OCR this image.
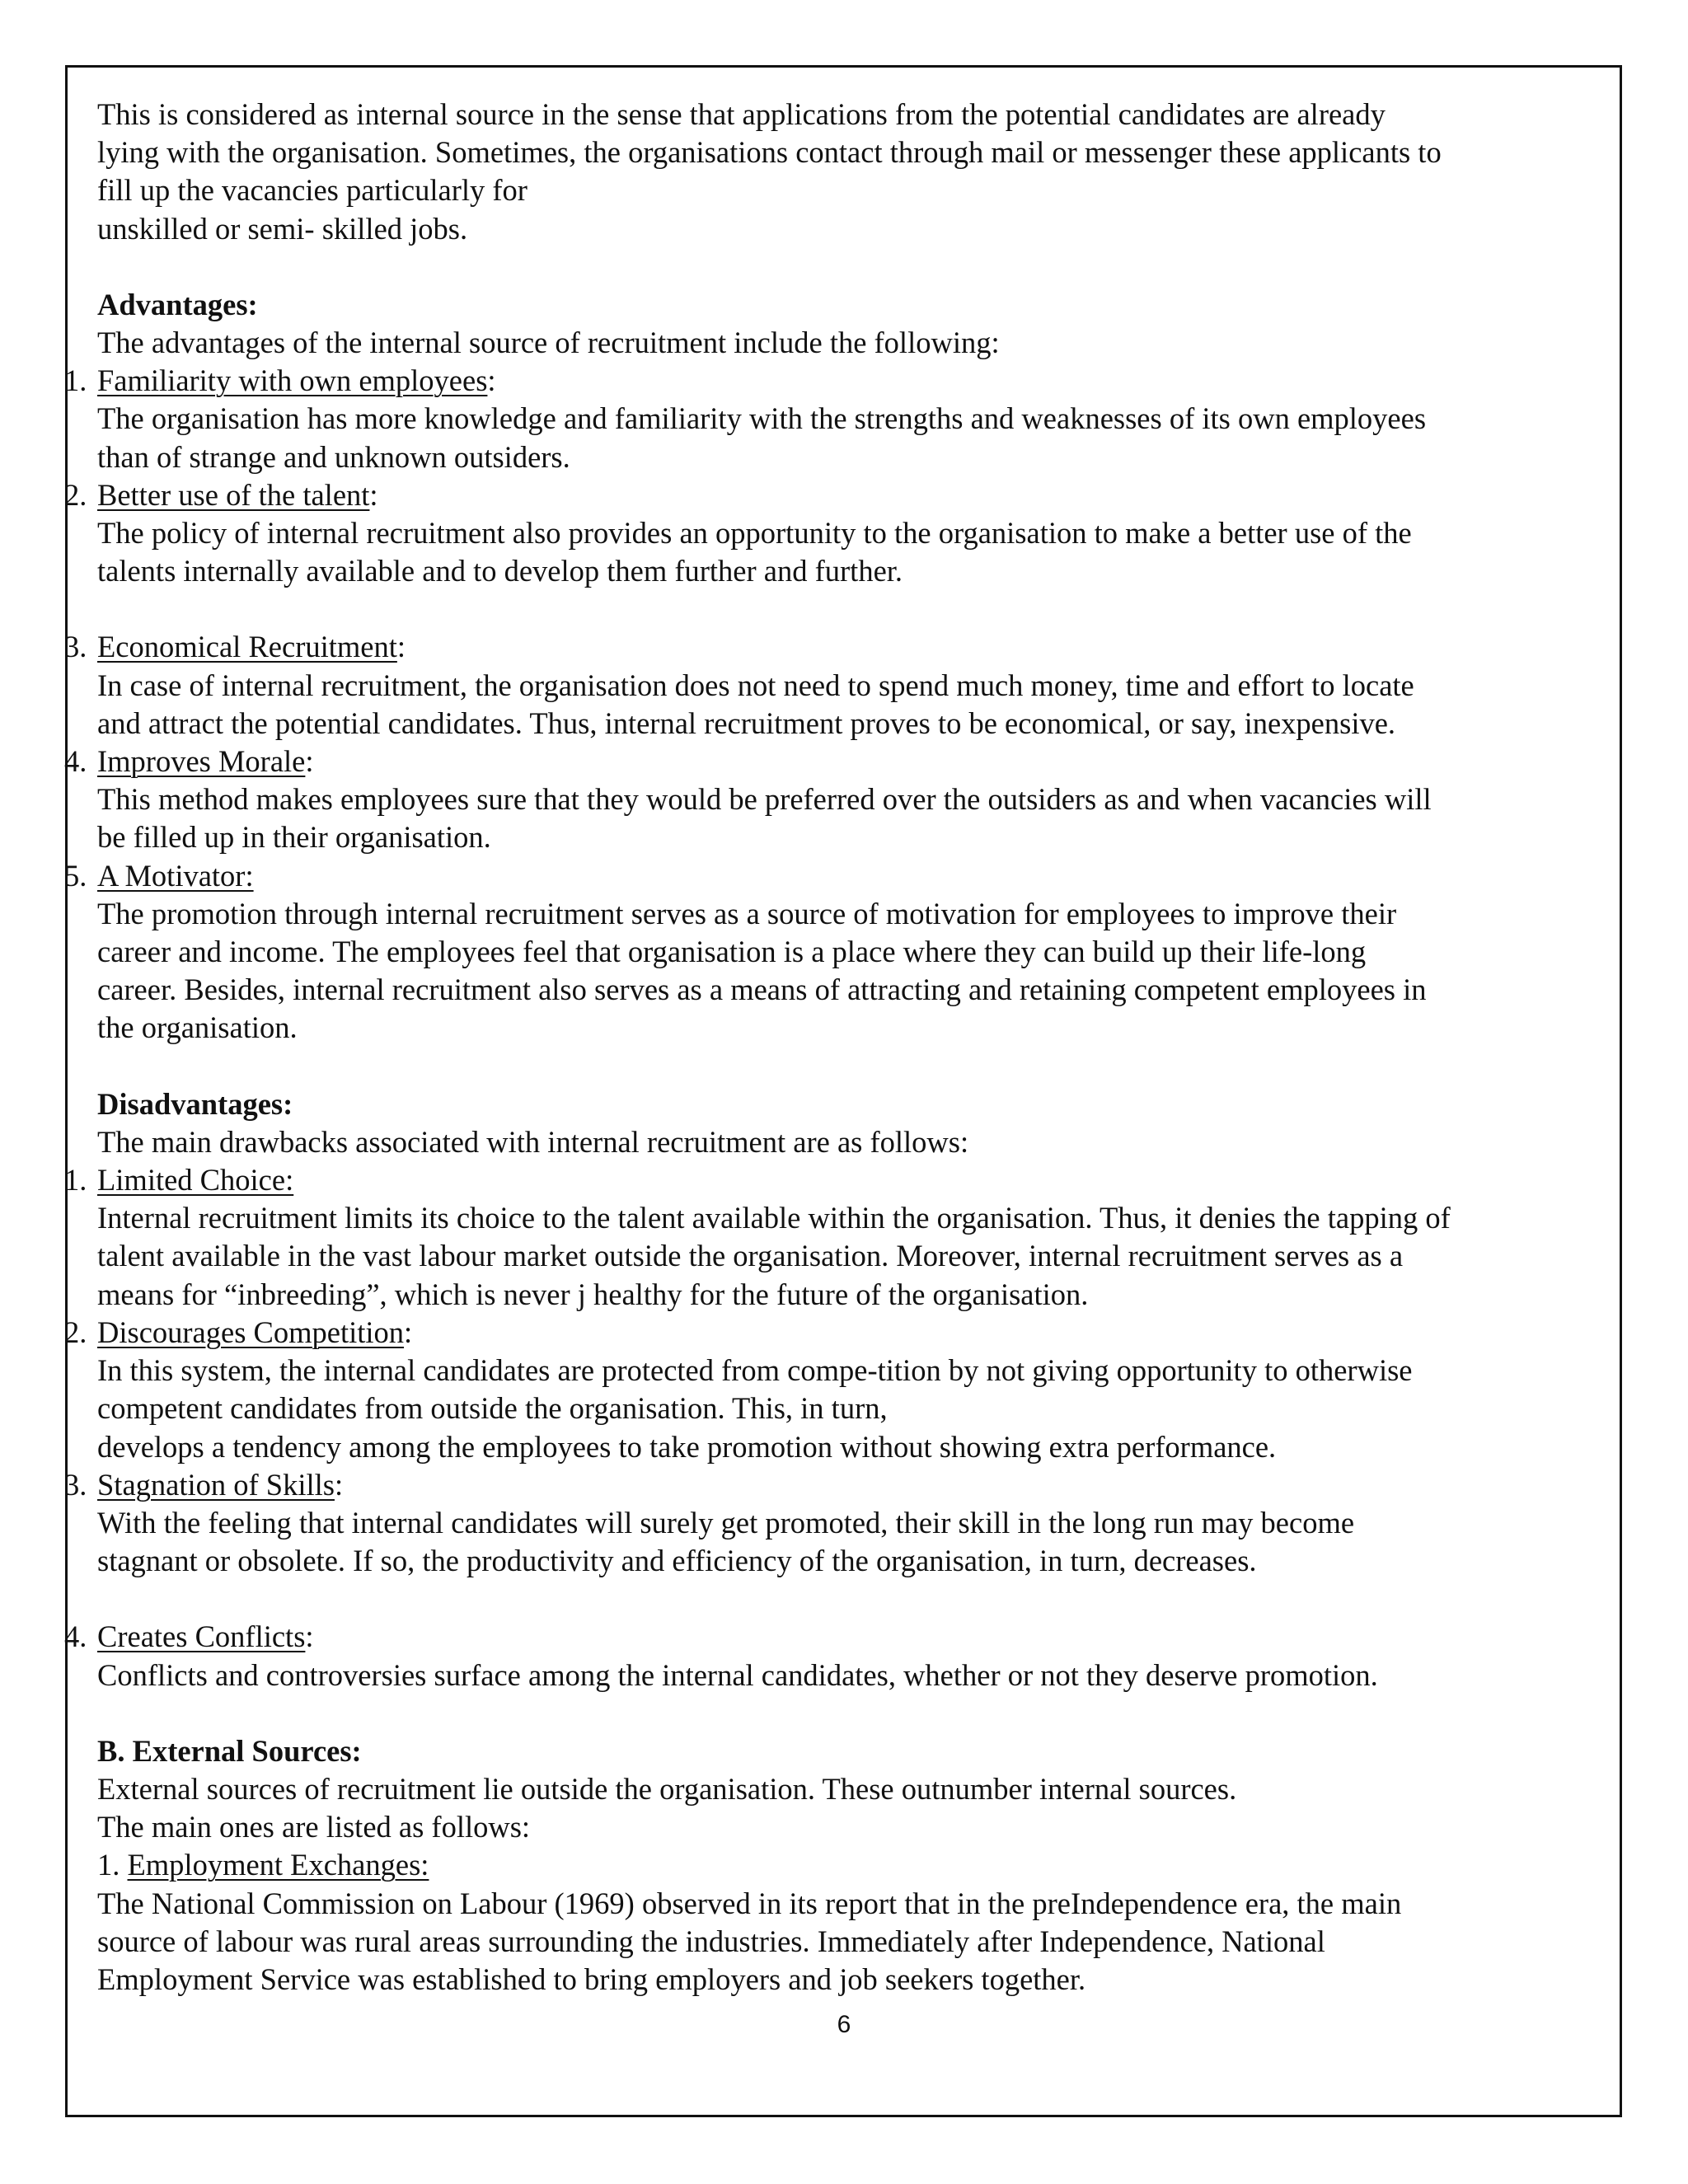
This is considered as internal source in the sense that applications from the potential candidates are already

lying with the organisation. Sometimes, the organisations contact through mail or messenger these applicants to

fill up the vacancies particularly for

unskilled or semi- skilled jobs.

Advantages:

The advantages of the internal source of recruitment include the following:

1. Familiarity with own employees:

The organisation has more knowledge and familiarity with the strengths and weaknesses of its own employees

than of strange and unknown outsiders.

2. Better use of the talent:

The policy of internal recruitment also provides an opportunity to the organisation to make a better use of the

talents internally available and to develop them further and further.

3. Economical Recruitment:

In case of internal recruitment, the organisation does not need to spend much money, time and effort to locate

and attract the potential candidates. Thus, internal recruitment proves to be economical, or say, inexpensive.

4. Improves Morale:

This method makes employees sure that they would be preferred over the outsiders as and when vacancies will

be filled up in their organisation.

5. A Motivator:

The promotion through internal recruitment serves as a source of motivation for employees to improve their

career and income. The employees feel that organisation is a place where they can build up their life-long

career. Besides, internal recruitment also serves as a means of attracting and retaining competent employees in

the organisation.

Disadvantages:

The main drawbacks associated with internal recruitment are as follows:

1. Limited Choice:

Internal recruitment limits its choice to the talent available within the organisation. Thus, it denies the tapping of

talent available in the vast labour market outside the organisation. Moreover, internal recruitment serves as a

means for “inbreeding”, which is never j healthy for the future of the organisation.

2. Discourages Competition:

In this system, the internal candidates are protected from compe-tition by not giving opportunity to otherwise

competent candidates from outside the organisation. This, in turn,

develops a tendency among the employees to take promotion without showing extra performance.

3. Stagnation of Skills:

With the feeling that internal candidates will surely get promoted, their skill in the long run may become

stagnant or obsolete. If so, the productivity and efficiency of the organisation, in turn, decreases.

4. Creates Conflicts:

Conflicts and controversies surface among the internal candidates, whether or not they deserve promotion.

B. External Sources:

External sources of recruitment lie outside the organisation. These outnumber internal sources.

The main ones are listed as follows:

1. Employment Exchanges:

The National Commission on Labour (1969) observed in its report that in the preIndependence era, the main

source of labour was rural areas surrounding the industries. Immediately after Independence, National

Employment Service was established to bring employers and job seekers together.

6
